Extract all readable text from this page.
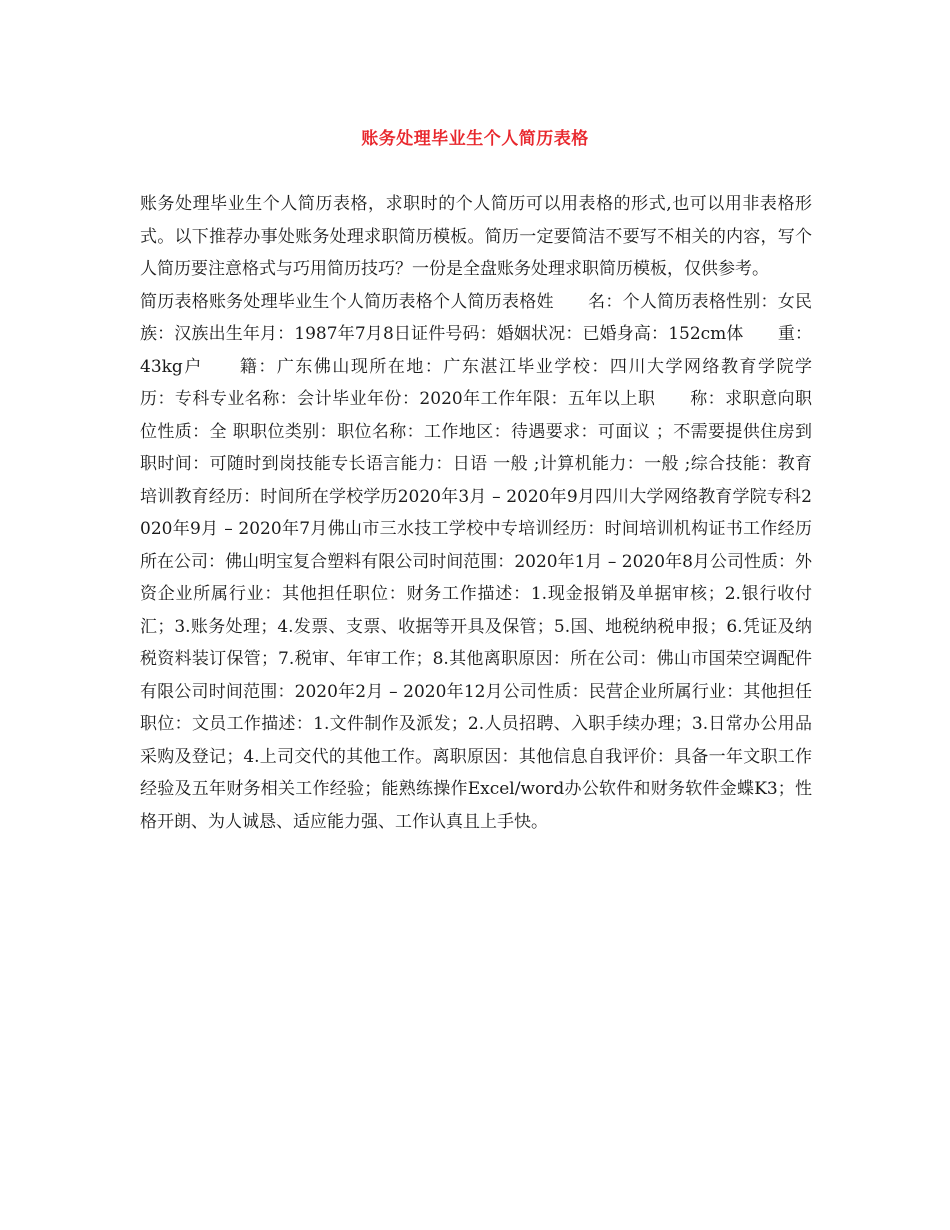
账务处理毕业生个人简历表格

账务处理毕业生个人简历表格，求职时的个人简历可以用表格的形式,也可以用非表格形式。以下推荐办事处账务处理求职简历模板。简历一定要简洁不要写不相关的内容，写个人简历要注意格式与巧用简历技巧？一份是全盘账务处理求职简历模板，仅供参考。

简历表格账务处理毕业生个人简历表格个人简历表格姓　　名：个人简历表格性别：女民　　族：汉族出生年月：1987年7月8日证件号码：婚姻状况：已婚身高：152cm体　　重：43kg户　　籍：广东佛山现所在地：广东湛江毕业学校：四川大学网络教育学院学　　历：专科专业名称：会计毕业年份：2020年工作年限：五年以上职　　称：求职意向职位性质：全 职职位类别：职位名称：工作地区：待遇要求：可面议 ；不需要提供住房到职时间：可随时到岗技能专长语言能力：日语 一般 ;计算机能力：一般 ;综合技能：教育培训教育经历：时间所在学校学历2020年3月 – 2020年9月四川大学网络教育学院专科2020年9月 – 2020年7月佛山市三水技工学校中专培训经历：时间培训机构证书工作经历所在公司：佛山明宝复合塑料有限公司时间范围：2020年1月 – 2020年8月公司性质：外资企业所属行业：其他担任职位：财务工作描述：1.现金报销及单据审核；2.银行收付汇；3.账务处理；4.发票、支票、收据等开具及保管；5.国、地税纳税申报；6.凭证及纳税资料装订保管；7.税审、年审工作；8.其他离职原因：所在公司：佛山市国荣空调配件有限公司时间范围：2020年2月 – 2020年12月公司性质：民营企业所属行业：其他担任职位：文员工作描述：1.文件制作及派发；2.人员招聘、入职手续办理；3.日常办公用品采购及登记；4.上司交代的其他工作。离职原因：其他信息自我评价：具备一年文职工作经验及五年财务相关工作经验；能熟练操作Excel/word办公软件和财务软件金蝶K3；性格开朗、为人诚恳、适应能力强、工作认真且上手快。
